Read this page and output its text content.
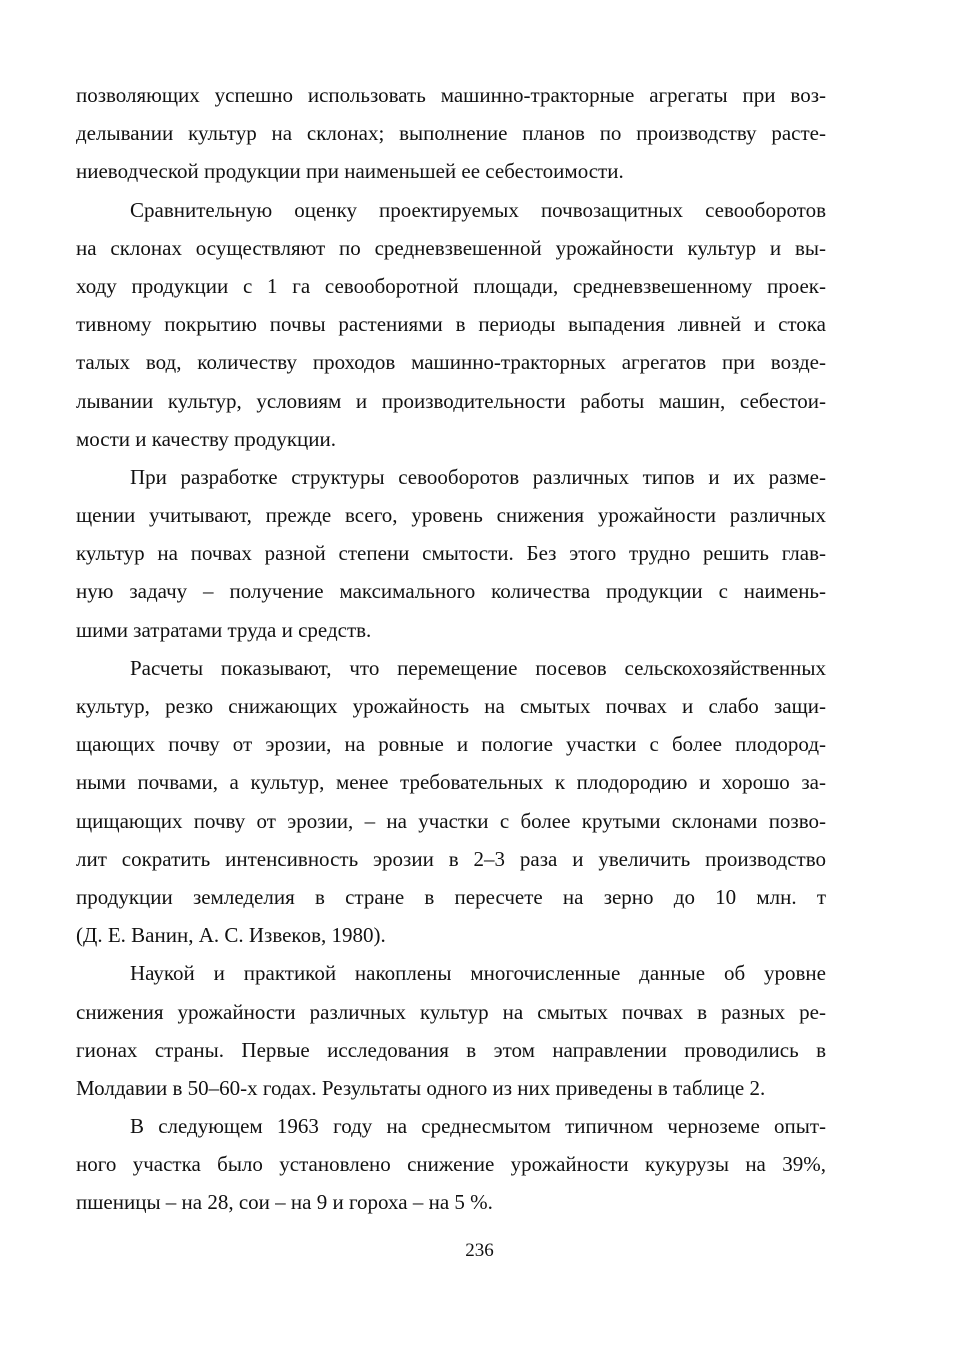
позволяющих успешно использовать машинно-тракторные агрегаты при воз-
делывании культур на склонах; выполнение планов по производству расте-
ниеводческой продукции при наименьшей ее себестоимости.
Сравнительную оценку проектируемых почвозащитных севооборотов
на склонах осуществляют по средневзвешенной урожайности культур и вы-
ходу продукции с 1 га севооборотной площади, средневзвешенному проек-
тивному покрытию почвы растениями в периоды выпадения ливней и стока
талых вод, количеству проходов машинно-тракторных агрегатов при возде-
лывании культур, условиям и производительности работы машин, себестои-
мости и качеству продукции.
При разработке структуры севооборотов различных типов и их разме-
щении учитывают, прежде всего, уровень снижения урожайности различных
культур на почвах разной степени смытости. Без этого трудно решить глав-
ную задачу – получение максимального количества продукции с наимень-
шими затратами труда и средств.
Расчеты показывают, что перемещение посевов сельскохозяйственных
культур, резко снижающих урожайность на смытых почвах и слабо защи-
щающих почву от эрозии, на ровные и пологие участки с более плодород-
ными почвами, а культур, менее требовательных к плодородию и хорошо за-
щищающих почву от эрозии, – на участки с более крутыми склонами позво-
лит сократить интенсивность эрозии в 2–3 раза и увеличить производство
продукции земледелия в стране в пересчете на зерно до 10 млн. т
(Д. Е. Ванин, А. С. Извеков, 1980).
Наукой и практикой накоплены многочисленные данные об уровне
снижения урожайности различных культур на смытых почвах в разных ре-
гионах страны. Первые исследования в этом направлении проводились в
Молдавии в 50–60-х годах. Результаты одного из них приведены в таблице 2.
В следующем 1963 году на среднесмытом типичном черноземе опыт-
ного участка было установлено снижение урожайности кукурузы на 39%,
пшеницы – на 28, сои – на 9 и гороха – на 5 %.
236
